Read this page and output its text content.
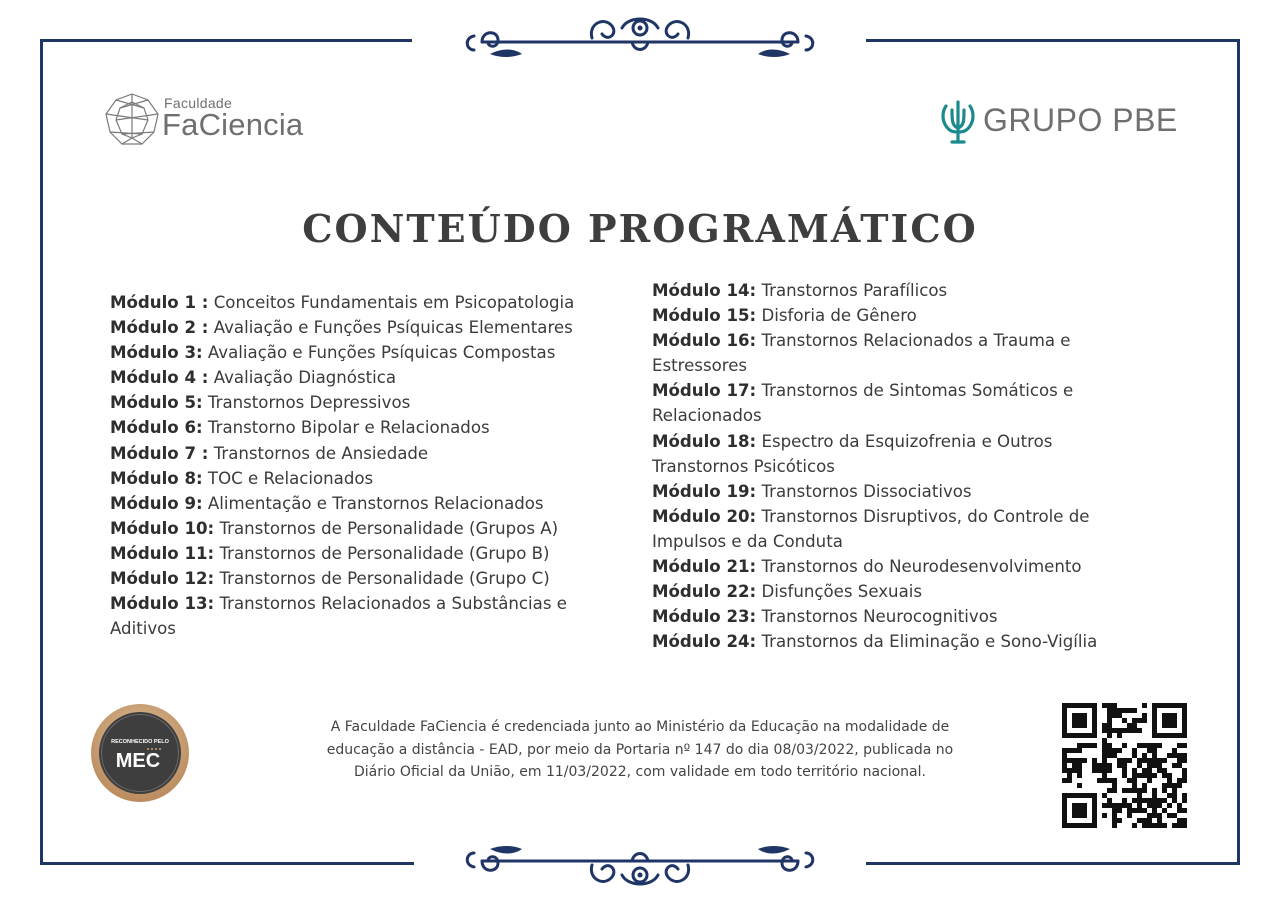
Faculdade
FaCiencia	GRUPO PBE
CONTEÚDO PROGRAMÁTICO
Módulo 1 : Conceitos Fundamentais em Psicopatologia
Módulo 2 : Avaliação e Funções Psíquicas Elementares
Módulo 3: Avaliação e Funções Psíquicas Compostas
Módulo 4 : Avaliação Diagnóstica
Módulo 5: Transtornos Depressivos
Módulo 6: Transtorno Bipolar e Relacionados
Módulo 7 : Transtornos de Ansiedade
Módulo 8: TOC e Relacionados
Módulo 9: Alimentação e Transtornos Relacionados
Módulo 10: Transtornos de Personalidade (Grupos A)
Módulo 11: Transtornos de Personalidade (Grupo B)
Módulo 12: Transtornos de Personalidade (Grupo C)
Módulo 13: Transtornos Relacionados a Substâncias e Aditivos
Módulo 14: Transtornos Parafílicos
Módulo 15: Disforia de Gênero
Módulo 16: Transtornos Relacionados a Trauma e Estressores
Módulo 17: Transtornos de Sintomas Somáticos e Relacionados
Módulo 18: Espectro da Esquizofrenia e Outros Transtornos Psicóticos
Módulo 19: Transtornos Dissociativos
Módulo 20: Transtornos Disruptivos, do Controle de Impulsos e da Conduta
Módulo 21: Transtornos do Neurodesenvolvimento
Módulo 22: Disfunções Sexuais
Módulo 23: Transtornos Neurocognitivos
Módulo 24: Transtornos da Eliminação e Sono-Vigília
RECONHECIDO PELO
MEC
A Faculdade FaCiencia é credenciada junto ao Ministério da Educação na modalidade de
educação a distância - EAD, por meio da Portaria nº 147 do dia 08/03/2022, publicada no
Diário Oficial da União, em 11/03/2022, com validade em todo território nacional.
